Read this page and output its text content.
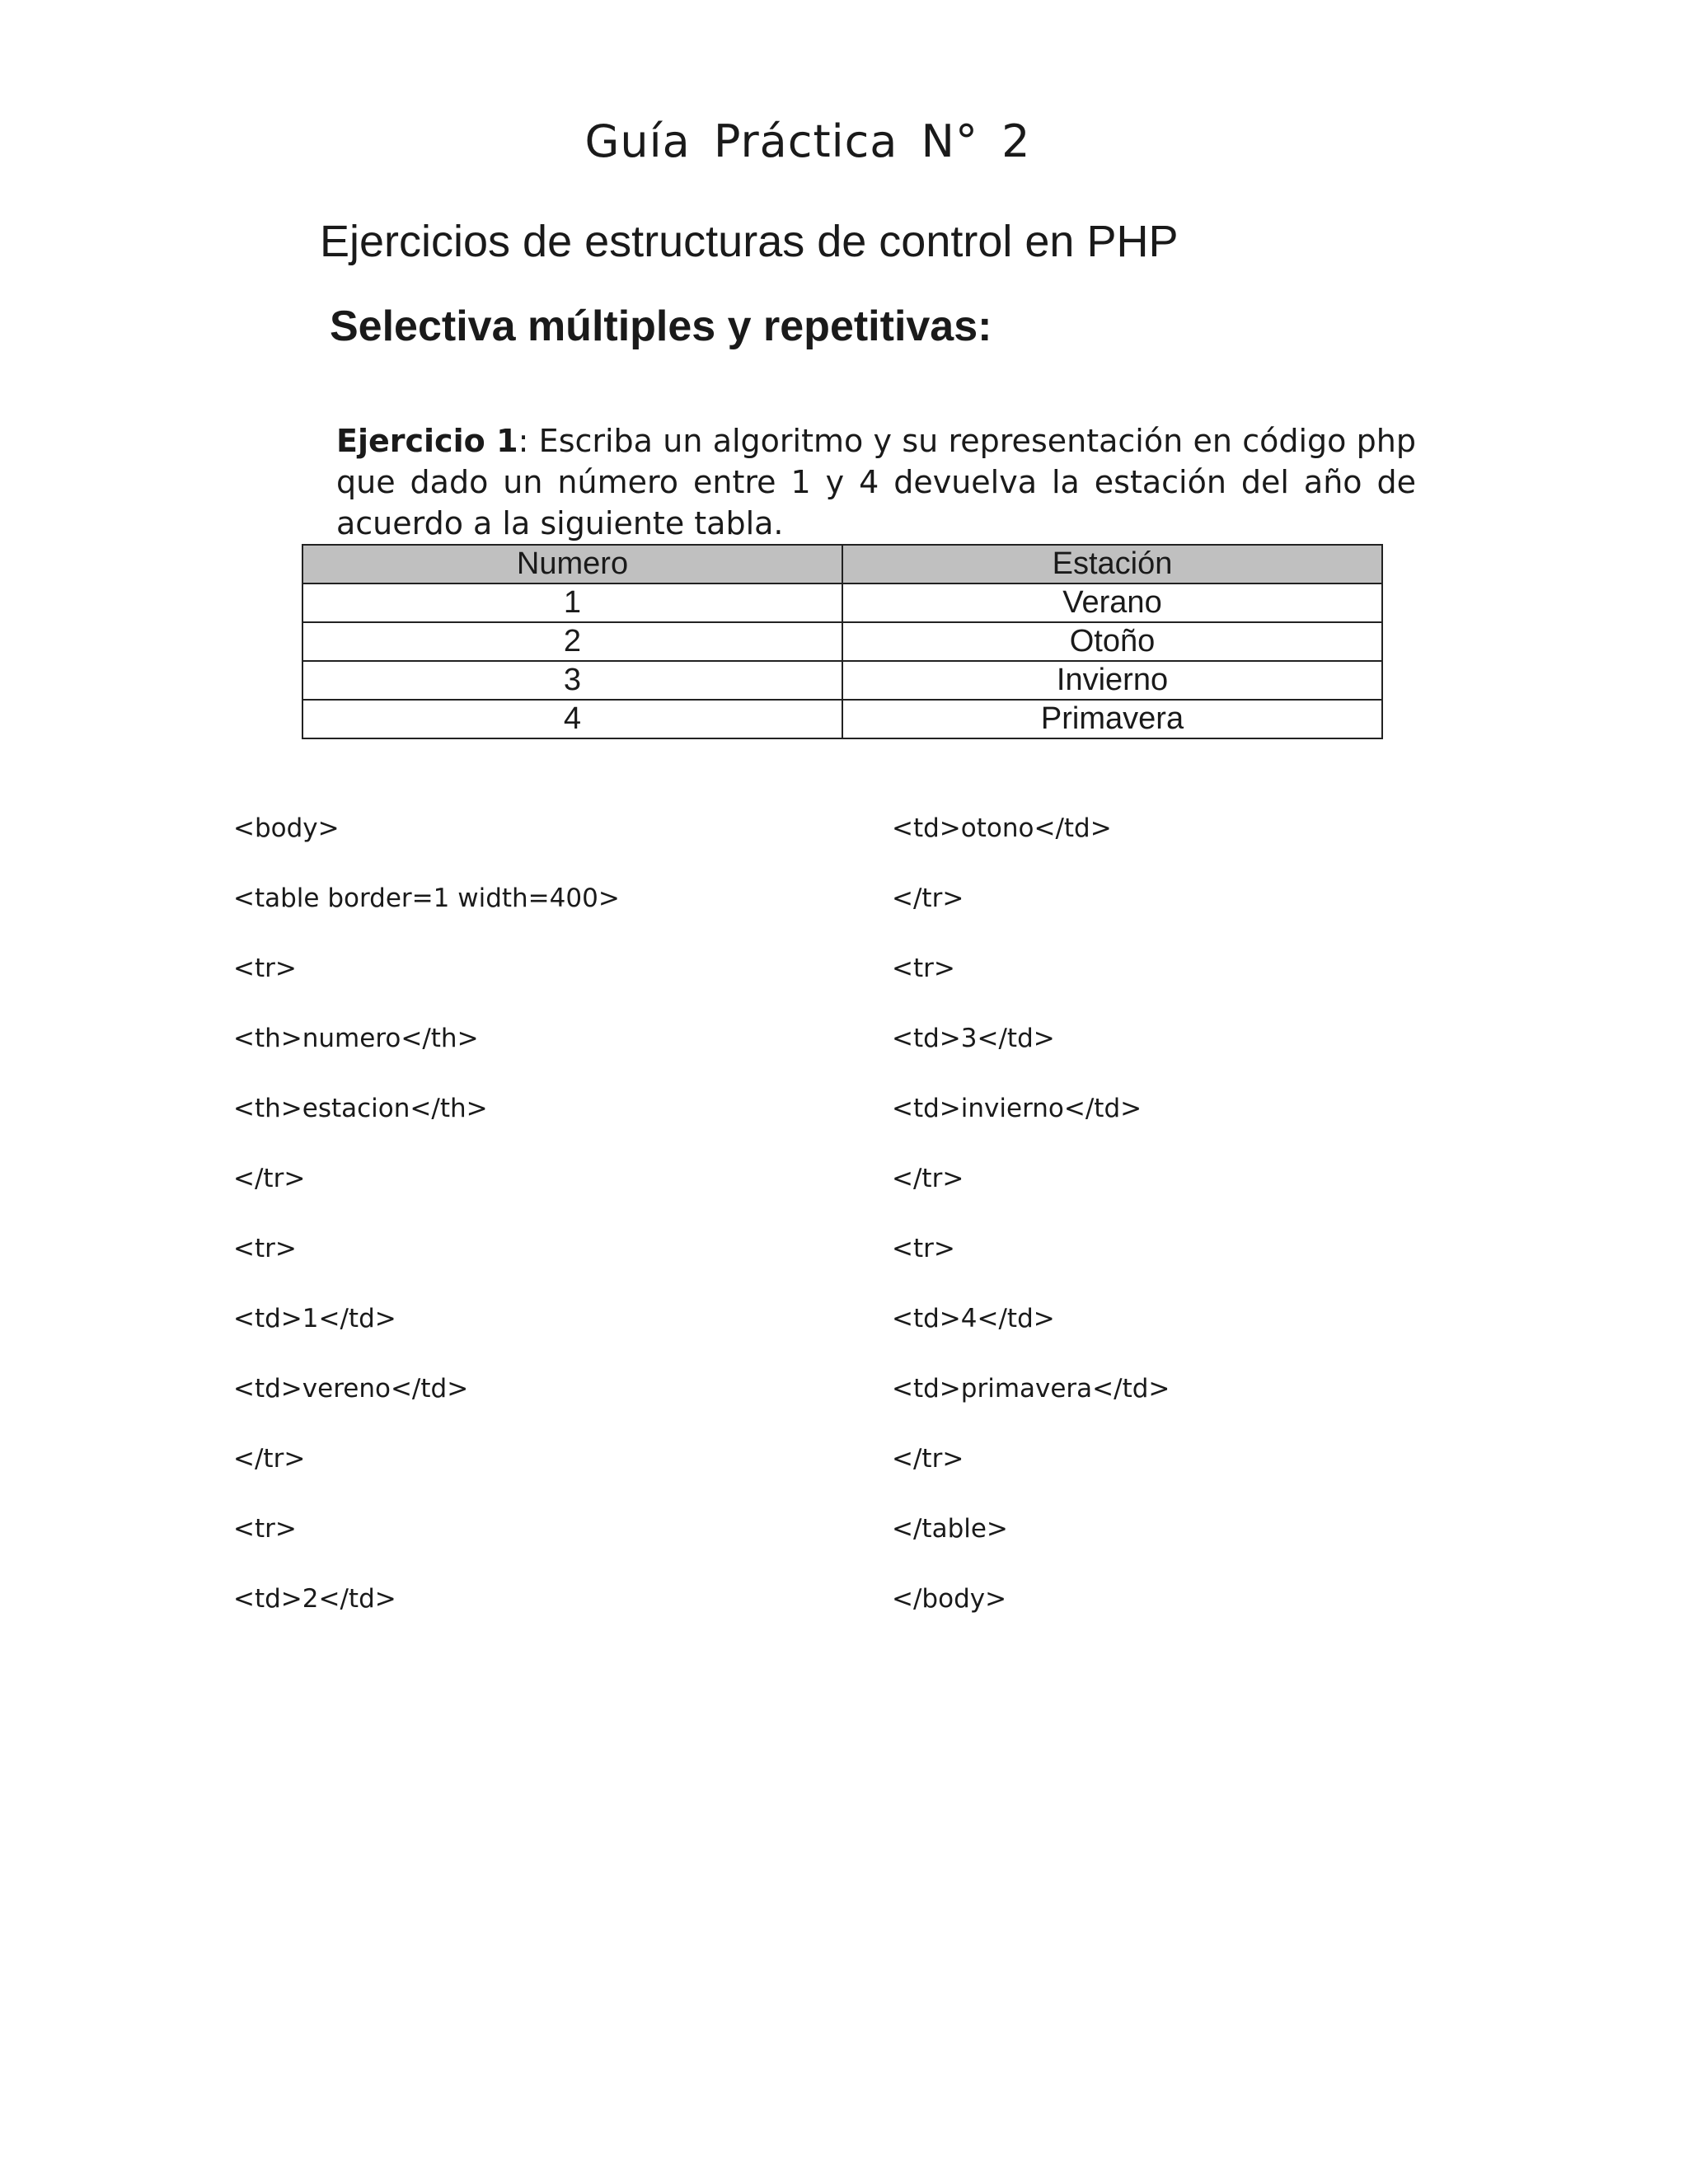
Guía Práctica N° 2
Ejercicios de estructuras de control en PHP
Selectiva múltiples y repetitivas:

Ejercicio 1: Escriba un algoritmo y su representación en código php que dado un número entre 1 y 4 devuelva la estación del año de acuerdo a la siguiente tabla.

Numero	Estación
1	Verano
2	Otoño
3	Invierno
4	Primavera
<body>
<table border=1 width=400>
<tr>
<th>numero</th>
<th>estacion</th>
</tr>
<tr>
<td>1</td>
<td>vereno</td>
</tr>
<tr>
<td>2</td>
<td>otono</td>
</tr>
<tr>
<td>3</td>
<td>invierno</td>
</tr>
<tr>
<td>4</td>
<td>primavera</td>
</tr>
</table>
</body>
